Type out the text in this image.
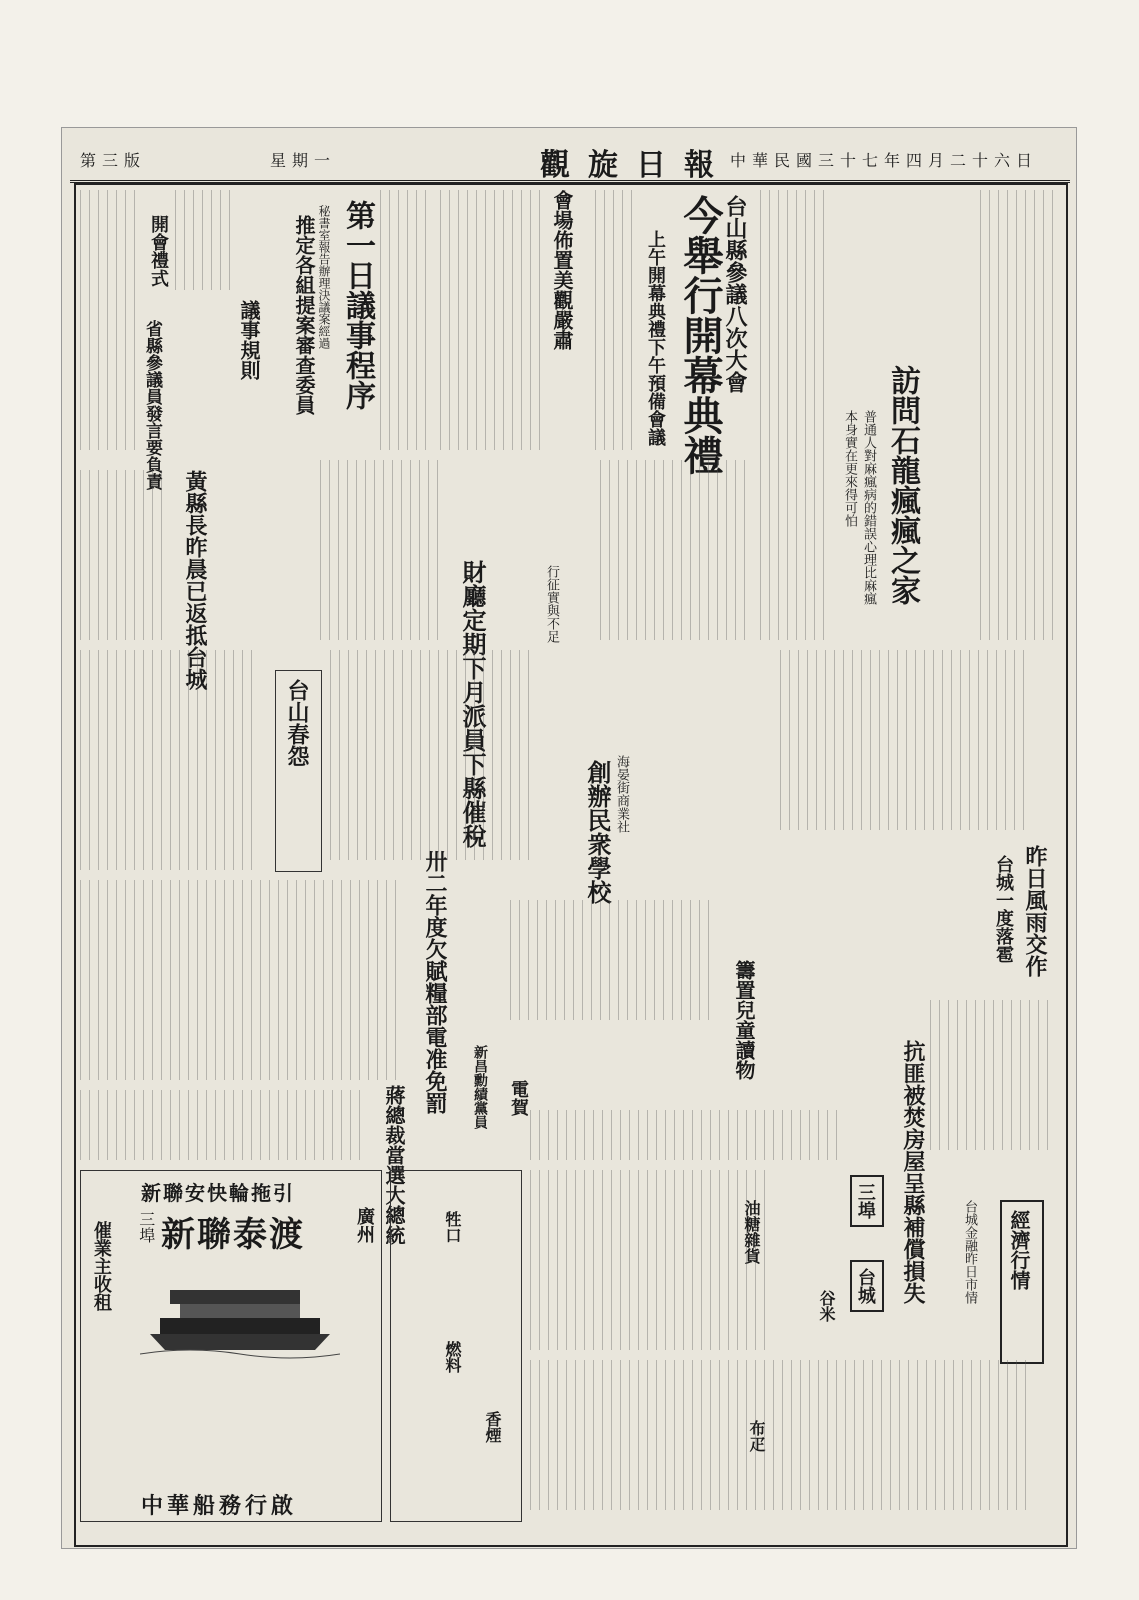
第三版	星期一	觀旋日報
中華民國三十七年四月二十六日
訪問石龍瘋瘋之家
普通人對麻瘋病的錯誤心理比麻瘋本身實在更來得可怕
台山縣參議八次大會
今舉行開幕典禮
上午開幕典禮下午預備會議
會場佈置美觀嚴肅
第一日議事程序
秘書室報告辦理決議案經過
推定各組提案審查委員
議事規則
省縣參議員發言要負責
開會禮式
財廳定期下月派員下縣催稅	行征實與不足
黃縣長昨晨已返抵台城
台山春怨
創辦民衆學校 海晏街商業社
昨日風雨交作
台城一度落雹
卅二年度欠賦糧部電准免罰	籌置兒童讀物
抗匪被焚房屋呈縣補償損失
新昌勳績黨員 電賀
蔣總裁當選大總統
新聯安快輪拖引
新聯泰渡	廣州
三埠
催業主收租
中華船務行啟
牲口
燃料
香煙
油糖雜貨	三埠
台城
谷米
經濟行情
台城金融昨日市情
布疋
